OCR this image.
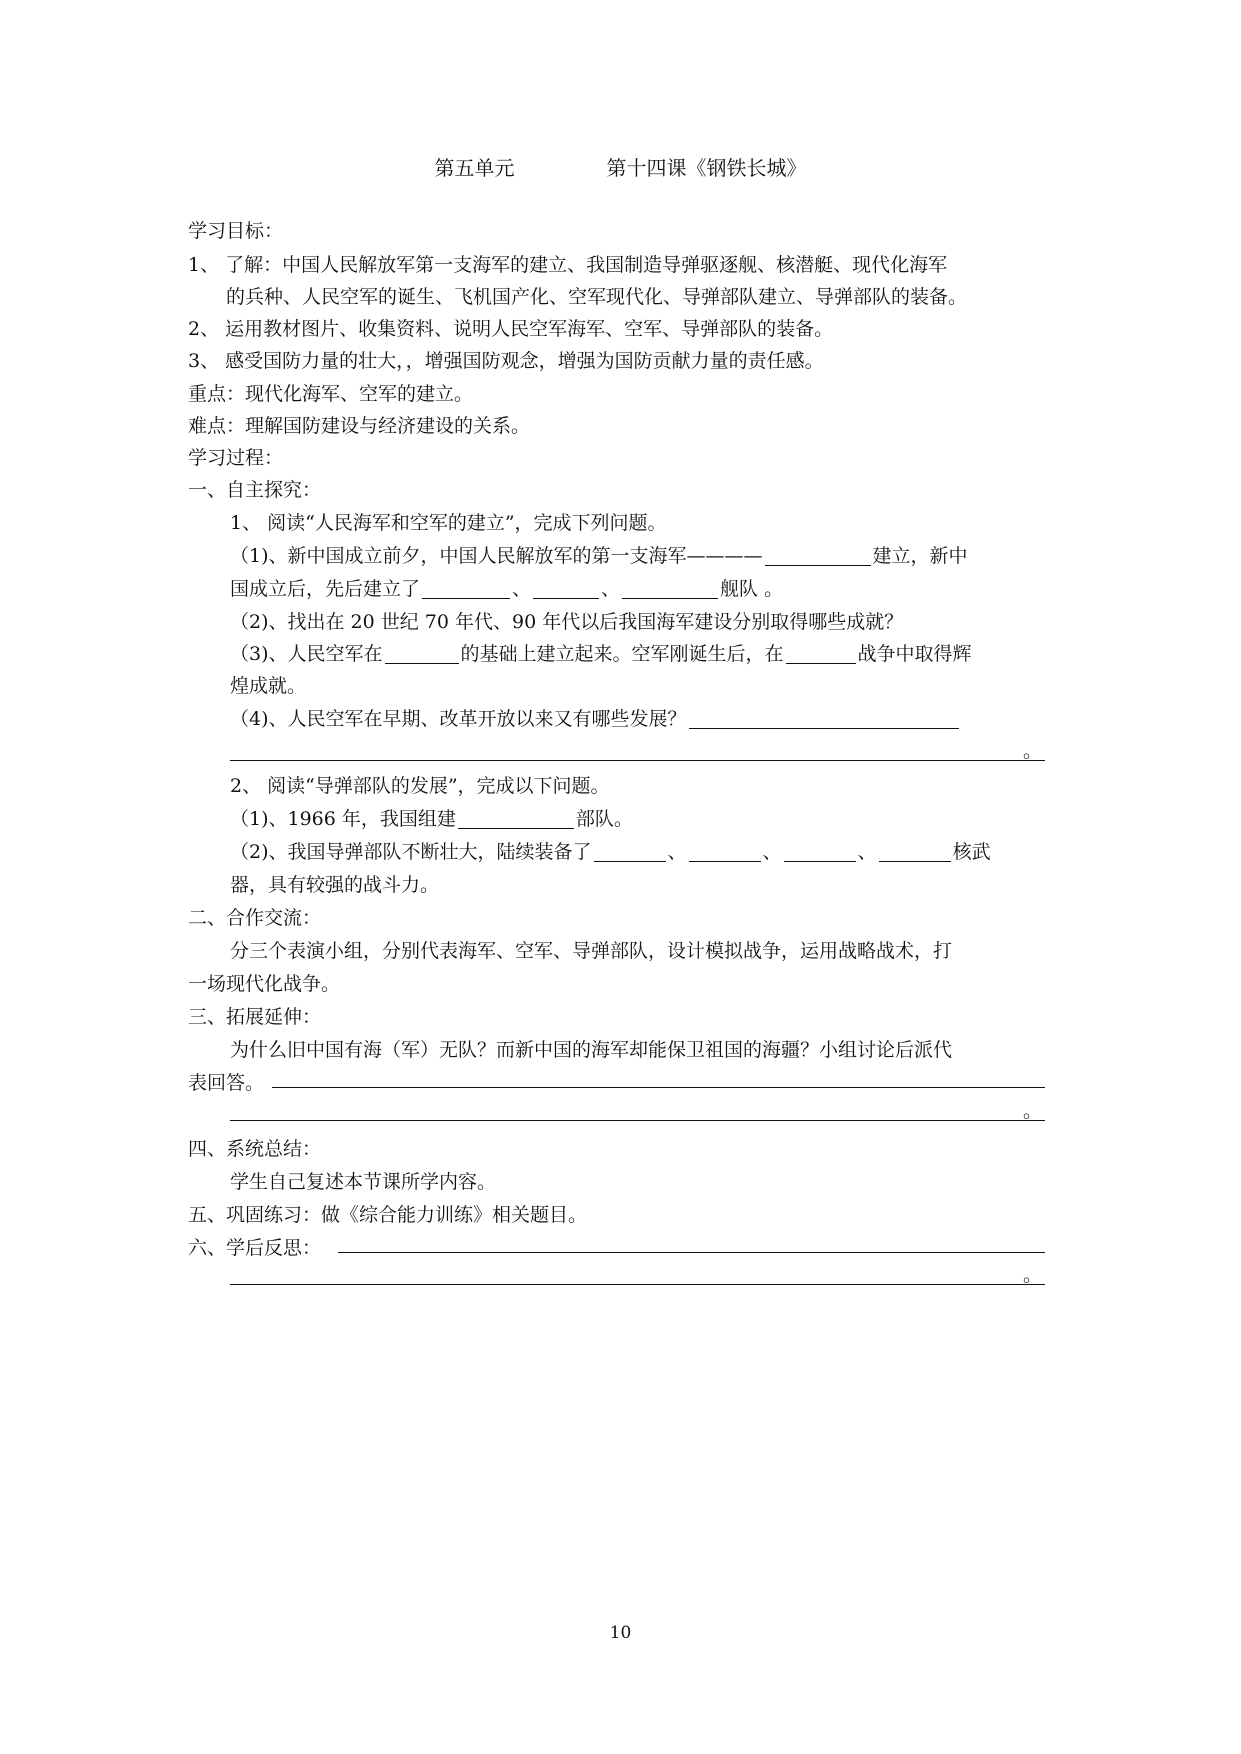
第五单元	第十四课《钢铁长城》
学习目标：
1、 了解：中国人民解放军第一支海军的建立、我国制造导弹驱逐舰、核潜艇、现代化海军
的兵种、人民空军的诞生、飞机国产化、空军现代化、导弹部队建立、导弹部队的装备。
2、 运用教材图片、收集资料、说明人民空军海军、空军、导弹部队的装备。
3、 感受国防力量的壮大，，增强国防观念，增强为国防贡献力量的责任感。
重点：现代化海军、空军的建立。
难点：理解国防建设与经济建设的关系。
学习过程：
一、自主探究：
1、 阅读“人民海军和空军的建立”，完成下列问题。
（1)、新中国成立前夕，中国人民解放军的第一支海军————	建立，新中
国成立后，先后建立了	、	、	舰队 。
（2)、找出在 20 世纪 70 年代、90 年代以后我国海军建设分别取得哪些成就？
（3)、人民空军在	的基础上建立起来。空军刚诞生后，在	战争中取得辉
煌成就。
（4)、人民空军在早期、改革开放以来又有哪些发展？
。
2、 阅读“导弹部队的发展”，完成以下问题。
（1)、1966 年，我国组建	部队。
（2)、我国导弹部队不断壮大，陆续装备了	、	、	、	核武
器，具有较强的战斗力。
二、合作交流：
分三个表演小组，分别代表海军、空军、导弹部队，设计模拟战争，运用战略战术，打
一场现代化战争。
三、拓展延伸：
为什么旧中国有海（军）无队？而新中国的海军却能保卫祖国的海疆？小组讨论后派代
表回答。
。
四、系统总结：
学生自己复述本节课所学内容。
五、巩固练习：做《综合能力训练》相关题目。
六、学后反思：
。
10
